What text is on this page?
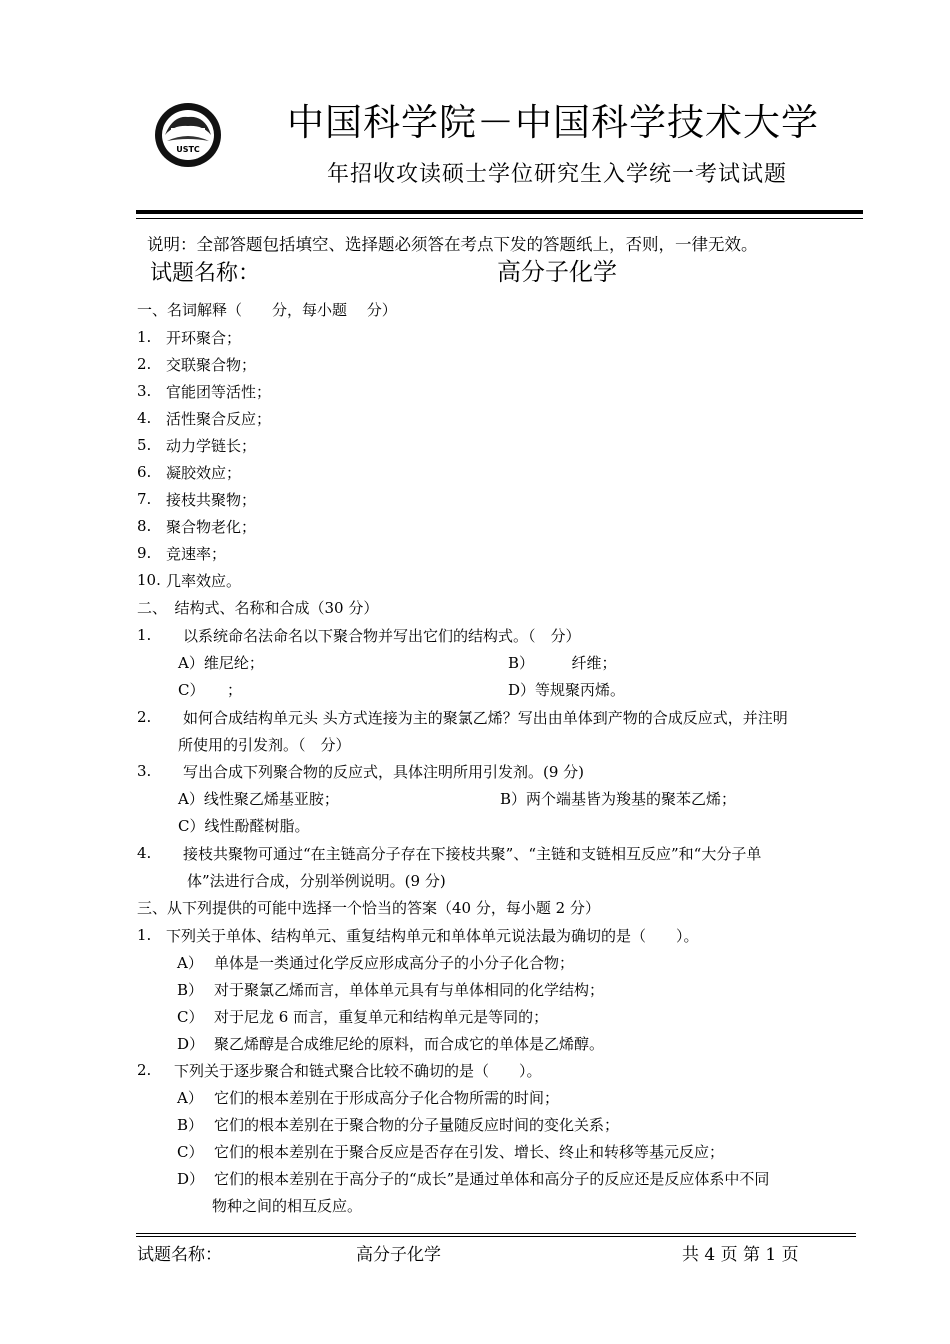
USTC
中国科学院－中国科学技术大学
年招收攻读硕士学位研究生入学统一考试试题
说明：全部答题包括填空、选择题必须答在考点下发的答题纸上，否则，一律无效。
试题名称：	高分子化学
一、名词解释（　　分，每小题　 分）
1. 开环聚合；
2. 交联聚合物；
3. 官能团等活性；
4. 活性聚合反应；
5. 动力学链长；
6. 凝胶效应；
7. 接枝共聚物；
8. 聚合物老化；
9. 竞速率；
10. 几率效应。
二、　结构式、名称和合成（30 分）
1. 以系统命名法命名以下聚合物并写出它们的结构式。（　分）
A）维尼纶；	B）　　　纤维；
C）　　；	D）等规聚丙烯。
2. 如何合成结构单元头 头方式连接为主的聚氯乙烯？写出由单体到产物的合成反应式，并注明
所使用的引发剂。（　分）
3. 写出合成下列聚合物的反应式，具体注明所用引发剂。(9 分)
A）线性聚乙烯基亚胺；	B）两个端基皆为羧基的聚苯乙烯；
C）线性酚醛树脂。
4. 接枝共聚物可通过“在主链高分子存在下接枝共聚”、“主链和支链相互反应”和“大分子单
体”法进行合成，分别举例说明。(9 分)
三、从下列提供的可能中选择一个恰当的答案（40 分，每小题 2 分）
1. 下列关于单体、结构单元、重复结构单元和单体单元说法最为确切的是（　　）。
A） 单体是一类通过化学反应形成高分子的小分子化合物；
B） 对于聚氯乙烯而言，单体单元具有与单体相同的化学结构；
C） 对于尼龙 6 而言，重复单元和结构单元是等同的；
D） 聚乙烯醇是合成维尼纶的原料，而合成它的单体是乙烯醇。
2. 下列关于逐步聚合和链式聚合比较不确切的是（　　）。
A） 它们的根本差别在于形成高分子化合物所需的时间；
B） 它们的根本差别在于聚合物的分子量随反应时间的变化关系；
C） 它们的根本差别在于聚合反应是否存在引发、增长、终止和转移等基元反应；
D） 它们的根本差别在于高分子的“成长”是通过单体和高分子的反应还是反应体系中不同
物种之间的相互反应。
试题名称：	高分子化学	共 4 页 第 1 页
